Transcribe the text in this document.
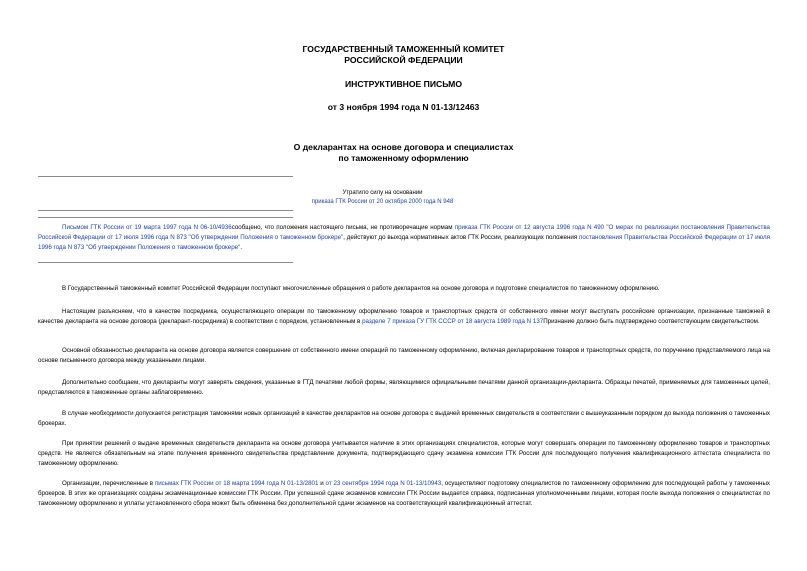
ГОСУДАРСТВЕННЫЙ ТАМОЖЕННЫЙ КОМИТЕТ
РОССИЙСКОЙ ФЕДЕРАЦИИ
ИНСТРУКТИВНОЕ ПИСЬМО
от 3 ноября 1994 года N 01-13/12463
О декларантах на основе договора и специалистах
по таможенному оформлению
Утратило силу на основании
приказа ГТК России от 20 октября 2000 года N 948
Письмом ГТК России от 19 марта 1997 года N 06-10/4936сообщено, что положения настоящего письма, не противоречащие нормам приказа ГТК России от 12 августа 1996 года N 490 "О мерах по реализации постановления Правительства Российской Федерации от 17 июля 1996 года N 873 "Об утверждении Положения о таможенном брокере", действуют до выхода нормативных актов ГТК России, реализующих положения постановления Правительства Российской Федерации от 17 июля 1996 года N 873 "Об утверждении Положения о таможенном брокере".
В Государственный таможенный комитет Российской Федерации поступают многочисленные обращения о работе декларантов на основе договора и подготовке специалистов по таможенному оформлению.
Настоящим разъясняем, что в качестве посредника, осуществляющего операции по таможенному оформлению товаров и транспортных средств от собственного имени могут выступать российские организации, признанные таможней в качестве декларанта на основе договора (декларант-посредника) в соответствии с порядком, установленным в разделе 7 приказа ГУ ГТК СССР от 18 августа 1989 года N 137Признание должно быть подтверждено соответствующим свидетельством.
Основной обязанностью декларанта на основе договора является совершение от собственного имени операций по таможенному оформлению, включая декларирование товаров и транспортных средств, по поручению представляемого лица на основе письменного договора между указанными лицами.
Дополнительно сообщаем, что декларанты могут заверять сведения, указанные в ГТД печатями любой формы, являющимися официальными печатями данной организации-декларанта. Образцы печатей, применяемых для таможенных целей, представляются в таможенные органы заблаговременно.
В случае необходимости допускается регистрация таможнями новых организаций в качестве декларантов на основе договора с выдачей временных свидетельств в соответствии с вышеуказанным порядком до выхода положения о таможенных брокерах.
При принятии решений о выдаче временных свидетельств декларанта на основе договора учитывается наличие в этих организациях специалистов, которые могут совершать операции по таможенному оформлению товаров и транспортных средств. Не является обязательным на этапе получения временного свидетельства представление документа, подтверждающего сдачу экзамена комиссии ГТК России для последующего получения квалификационного аттестата специалиста по таможенному оформлению.
Организации, перечисленные в письмах ГТК России от 18 марта 1994 года N 01-13/2801 и от 23 сентября 1994 года N 01-13/10943, осуществляют подготовку специалистов по таможенному оформлению для последующей работы у таможенных брокеров. В этих же организациях созданы экзаменационные комиссии ГТК России. При успешной сдаче экзаменов комиссии ГТК России выдается справка, подписанная уполномоченными лицами, которая после выхода положения о специалистах по таможенному оформлению и уплаты установленного сбора может быть обменена без дополнительной сдачи экзаменов на соответствующий квалификационный аттестат.
